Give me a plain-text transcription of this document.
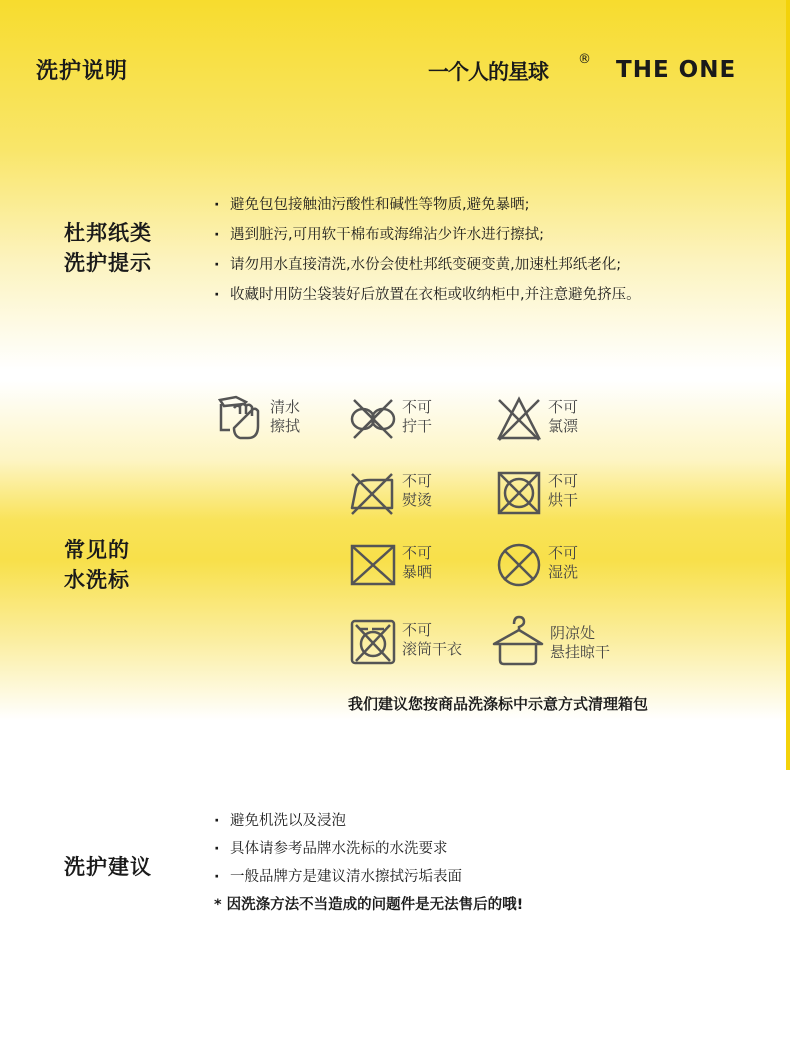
洗护说明	一个人的星球
® THE ONE
杜邦纸类
洗护提示
· 避免包包接触油污酸性和碱性等物质,避免暴晒;
· 遇到脏污,可用软干棉布或海绵沾少许水进行擦拭;
· 请勿用水直接清洗,水份会使杜邦纸变硬变黄,加速杜邦纸老化;
· 收藏时用防尘袋装好后放置在衣柜或收纳柜中,并注意避免挤压。
常见的
水洗标
清水
擦拭
不可
拧干
不可
氯漂
不可
熨烫
不可
烘干
不可
暴晒
不可
湿洗
不可
滚筒干衣
阴凉处
悬挂晾干
我们建议您按商品洗涤标中示意方式清理箱包
洗护建议
· 避免机洗以及浸泡
· 具体请参考品牌水洗标的水洗要求
· 一般品牌方是建议清水擦拭污垢表面
* 因洗涤方法不当造成的问题件是无法售后的哦!
